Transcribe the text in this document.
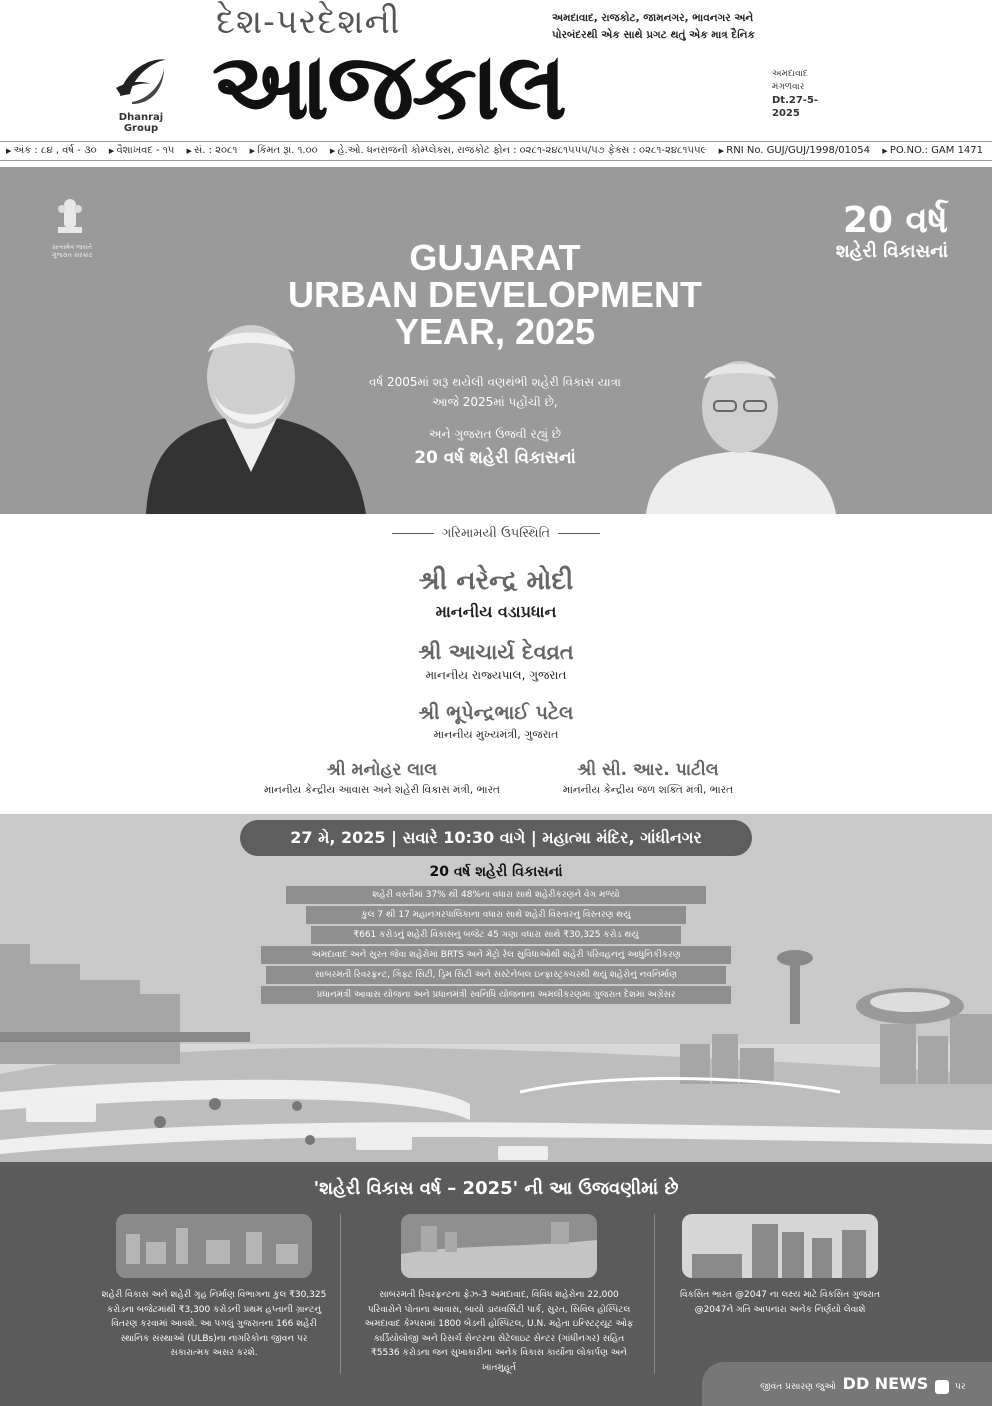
Dhanraj Group
દેશ-પરદેશની
આજકાલ
અમદાવાદ, રાજકોટ, જામનગર, ભાવનગર અને
પોરબંદરથી એક સાથે પ્રગટ થતું એક માત્ર દૈનિક
અમદાવાદ
મંગળવાર
Dt.27-5-2025
▶ અંક : ૮૪ , વર્ષ - ૩૦ ▶ વૈશાખવદ - ૧૫ ▶ સં. : ૨૦૮૧ ▶ કિંમત રૂા. ૧.૦૦ ▶ હે.ઓ. ધનરાજની કોમ્પ્લેક્સ, રાજકોટ ફોન : ૦૨૮૧-૨૪૮૧૫૫૫/૫૭ ફેક્સ : ૦૨૮૧-૨૪૮૧૫૫૯ ▶ RNI No. GUJ/GUJ/1998/01054 ▶ PO.NO.: GAM 1471
સત્યમેવ જયતે
ગુજરાત સરકાર
20 વર્ષ
શહેરી વિકાસનાં
GUJARAT
URBAN DEVELOPMENT
YEAR, 2025
વર્ષ 2005માં શરૂ થયેલી વણથંભી શહેરી વિકાસ યાત્રા
આજે 2025માં પહોંચી છે,
અને ગુજરાત ઉજવી રહ્યું છે
20 વર્ષ શહેરી વિકાસનાં
ગરિમામયી ઉપસ્થિતિ
શ્રી નરેન્દ્ર મોદી
માનનીય વડાપ્રધાન
શ્રી આચાર્ય દેવવ્રત
માનનીય રાજ્યપાલ, ગુજરાત
શ્રી ભૂપેન્દ્રભાઈ પટેલ
માનનીય મુખ્યમંત્રી, ગુજરાત
શ્રી મનોહર લાલ
માનનીય કેન્દ્રીય આવાસ અને શહેરી વિકાસ મંત્રી, ભારત
શ્રી સી. આર. પાટીલ
માનનીય કેન્દ્રીય જળ શક્તિ મંત્રી, ભારત
27 મે, 2025 | સવારે 10:30 વાગે | મહાત્મા મંદિર, ગાંધીનગર
20 વર્ષ શહેરી વિકાસનાં
શહેરી વસ્તીમાં 37% થી 48%ના વધારા સાથે શહેરીકરણને વેગ મળ્યો
કુલ 7 થી 17 મહાનગરપાલિકાના વધારા સાથે શહેરી વિસ્તારનું વિસ્તરણ થયું
₹661 કરોડનું શહેરી વિકાસનું બજેટ 45 ગણા વધારા સાથે ₹30,325 કરોડ થયું
અમદાવાદ અને સુરત જેવા શહેરોમાં BRTS અને મેટ્રો રેલ સુવિધાઓથી શહેરી પરિવહનનું આધુનિકીકરણ
સાબરમતી રિવરફ્રન્ટ, ગિફ્ટ સિટી, ડ્રિમ સિટી અને સસ્ટેનેબલ ઇન્ફ્રાસ્ટ્રક્ચરથી થયું શહેરોનું નવનિર્માણ
પ્રધાનમંત્રી આવાસ યોજના અને પ્રધાનમંત્રી સ્વનિધિ યોજનાના અમલીકરણમાં ગુજરાત દેશમાં અગ્રેસર
'શહેરી વિકાસ વર્ષ – 2025' ની આ ઉજવણીમાં છે
શહેરી વિકાસ અને શહેરી ગૃહ નિર્માણ વિભાગના કુલ ₹30,325 કરોડના બજેટમાંથી ₹3,300 કરોડની પ્રથમ હપ્તાની ગ્રાન્ટનું વિતરણ કરવામાં આવશે. આ પગલું ગુજરાતના 166 શહેરી સ્થાનિક સંસ્થાઓ (ULBs)ના નાગરિકોના જીવન પર સકારાત્મક અસર કરશે.
સાબરમતી રિવરફ્રન્ટના ફેઝ-3 અમદાવાદ, વિવિધ શહેરોના 22,000 પરિવારોને પોતાના આવાસ, બાયો ડાયવર્સિટી પાર્ક, સુરત, સિવિલ હોસ્પિટલ અમદાવાદ કેમ્પસમાં 1800 બેડની હોસ્પિટલ, U.N. મહેતા ઇન્સ્ટિટ્યૂટ ઓફ કાર્ડિયોલોજી અને રિસર્ચ સેન્ટરના સેટેલાઇટ સેન્ટર (ગાંધીનગર) સહિત ₹5536 કરોડના જન સુખાકારીના અનેક વિકાસ કાર્યોના લોકાર્પણ અને ખાતમુહૂર્ત
વિકસિત ભારત @2047 ના લક્ષ્ય માટે વિકસિત ગુજરાત @2047ને ગતિ આપનારા અનેક નિર્ણયો લેવાશે
જીવંત પ્રસારણ જુઓ DD NEWS	પર
